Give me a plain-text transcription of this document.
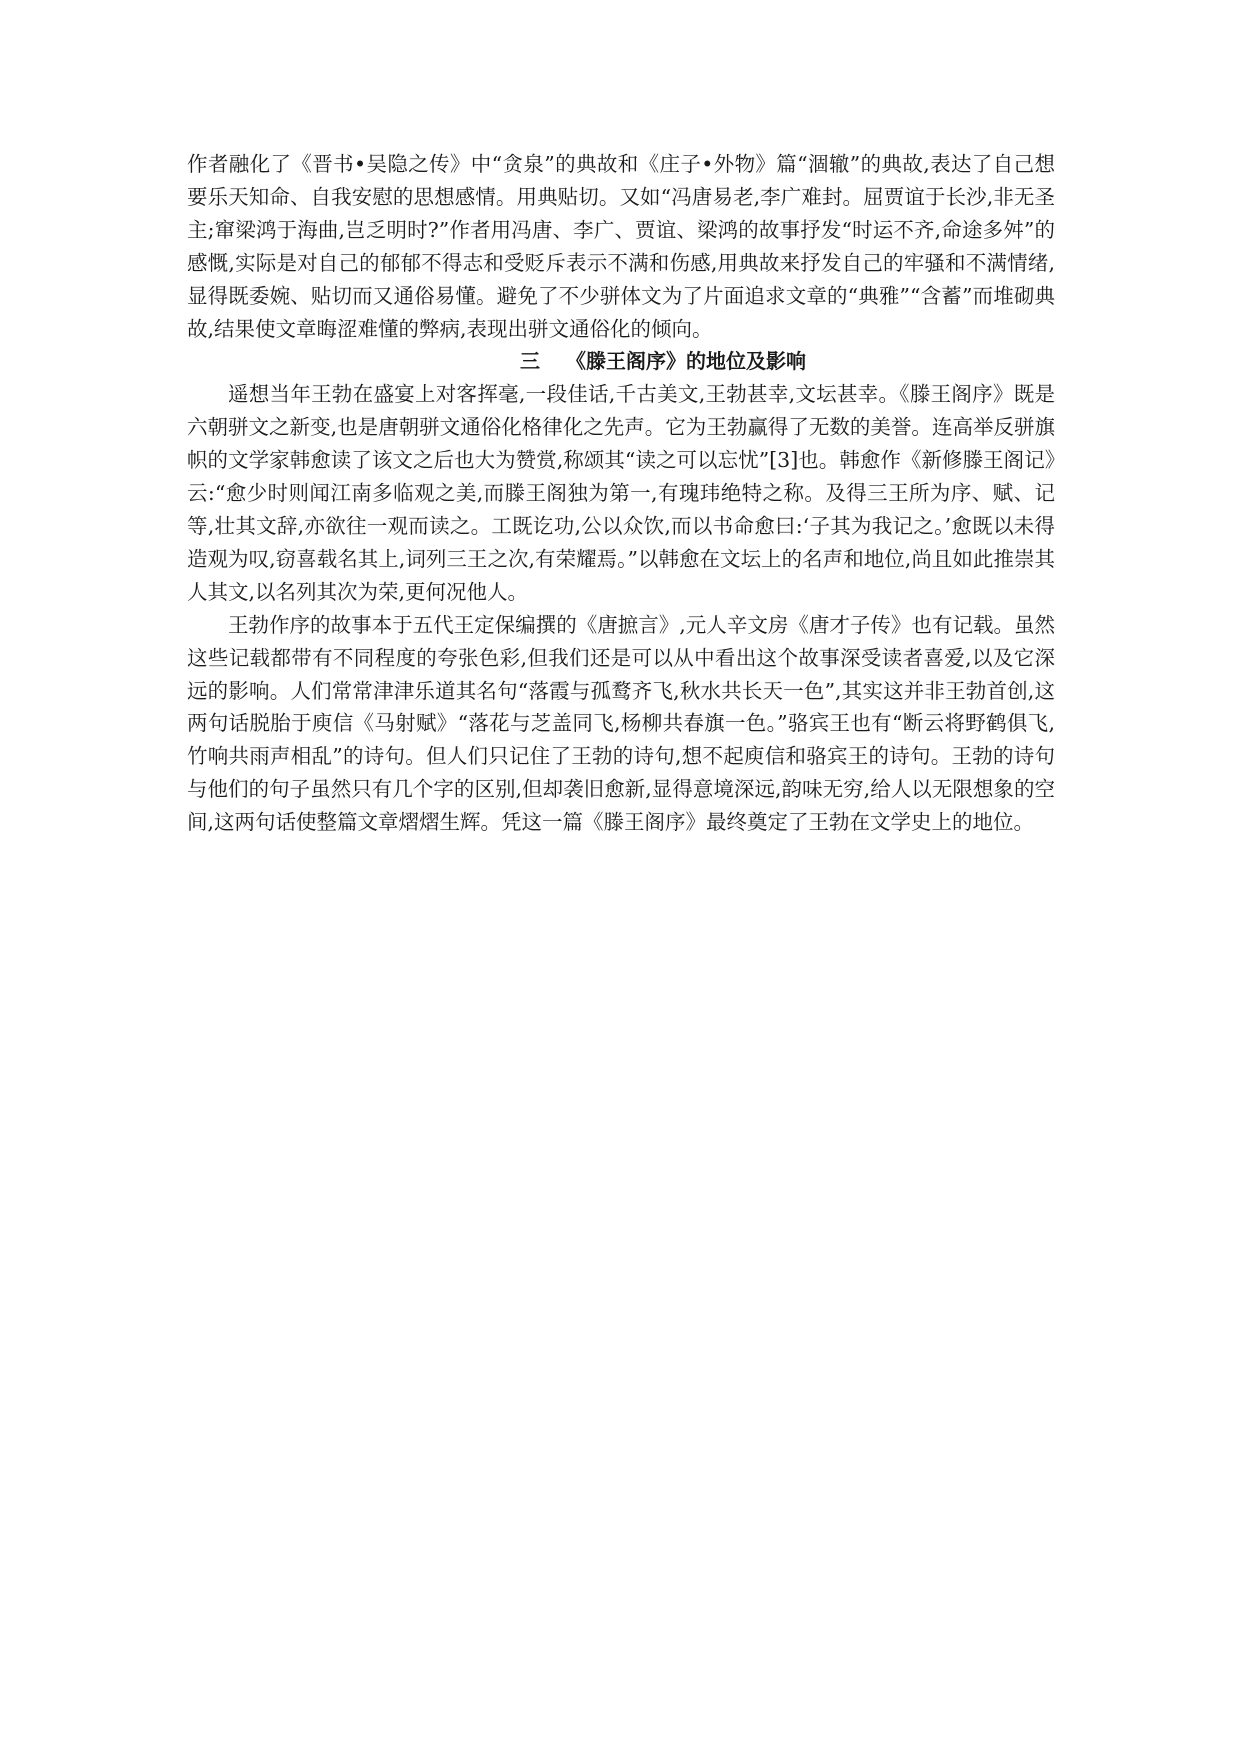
作者融化了《晋书•吴隐之传》中“贪泉”的典故和《庄子•外物》篇“涸辙”的典故,表达了自己想要乐天知命、自我安慰的思想感情。用典贴切。又如“冯唐易老,李广难封。屈贾谊于长沙,非无圣主;窜梁鸿于海曲,岂乏明时?”作者用冯唐、李广、贾谊、梁鸿的故事抒发“时运不齐,命途多舛”的感慨,实际是对自己的郁郁不得志和受贬斥表示不满和伤感,用典故来抒发自己的牢骚和不满情绪,显得既委婉、贴切而又通俗易懂。避免了不少骈体文为了片面追求文章的“典雅”“含蓄”而堆砌典故,结果使文章晦涩难懂的弊病,表现出骈文通俗化的倾向。

三 《滕王阁序》的地位及影响

遥想当年王勃在盛宴上对客挥毫,一段佳话,千古美文,王勃甚幸,文坛甚幸。《滕王阁序》既是六朝骈文之新变,也是唐朝骈文通俗化格律化之先声。它为王勃赢得了无数的美誉。连高举反骈旗帜的文学家韩愈读了该文之后也大为赞赏,称颂其“读之可以忘忧”[3]也。韩愈作《新修滕王阁记》云:“愈少时则闻江南多临观之美,而滕王阁独为第一,有瑰玮绝特之称。及得三王所为序、赋、记等,壮其文辞,亦欲往一观而读之。工既讫功,公以众饮,而以书命愈曰:‘子其为我记之。’愈既以未得造观为叹,窃喜载名其上,词列三王之次,有荣耀焉。”以韩愈在文坛上的名声和地位,尚且如此推崇其人其文,以名列其次为荣,更何况他人。

王勃作序的故事本于五代王定保编撰的《唐摭言》,元人辛文房《唐才子传》也有记载。虽然这些记载都带有不同程度的夸张色彩,但我们还是可以从中看出这个故事深受读者喜爱,以及它深远的影响。人们常常津津乐道其名句“落霞与孤鹜齐飞,秋水共长天一色”,其实这并非王勃首创,这两句话脱胎于庾信《马射赋》“落花与芝盖同飞,杨柳共春旗一色。”骆宾王也有“断云将野鹤俱飞,竹响共雨声相乱”的诗句。但人们只记住了王勃的诗句,想不起庾信和骆宾王的诗句。王勃的诗句与他们的句子虽然只有几个字的区别,但却袭旧愈新,显得意境深远,韵味无穷,给人以无限想象的空间,这两句话使整篇文章熠熠生辉。凭这一篇《滕王阁序》最终奠定了王勃在文学史上的地位。
